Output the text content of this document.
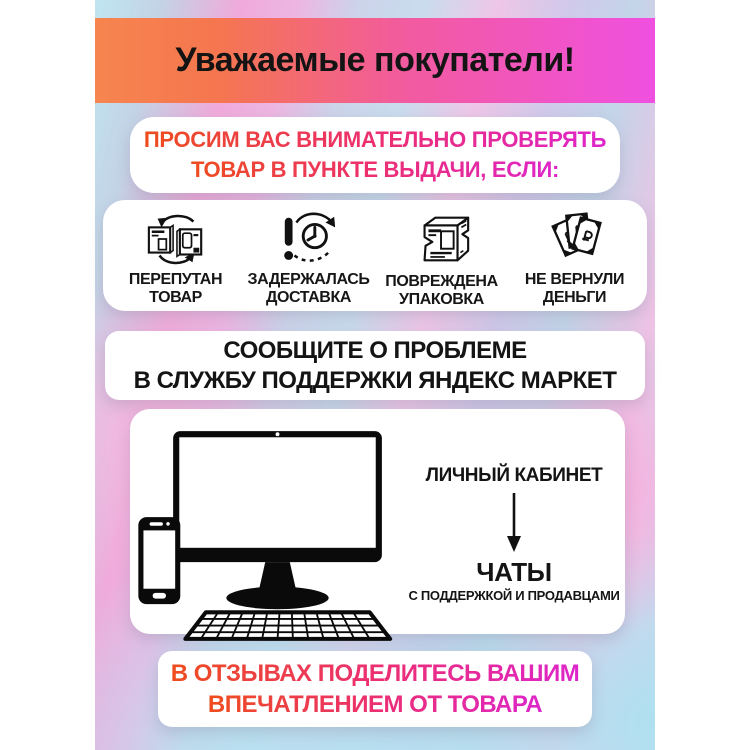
Уважаемые покупатели!
ПРОСИМ ВАС ВНИМАТЕЛЬНО ПРОВЕРЯТЬ
ТОВАР В ПУНКТЕ ВЫДАЧИ, ЕСЛИ:
ПЕРЕПУТАН
ТОВАР
ЗАДЕРЖАЛАСЬ
ДОСТАВКА
ПОВРЕЖДЕНА
УПАКОВКА
НЕ ВЕРНУЛИ
ДЕНЬГИ
СООБЩИТЕ О ПРОБЛЕМЕ
В СЛУЖБУ ПОДДЕРЖКИ ЯНДЕКС МАРКЕТ
ЛИЧНЫЙ КАБИНЕТ
ЧАТЫ
С ПОДДЕРЖКОЙ И ПРОДАВЦАМИ
В ОТЗЫВАХ ПОДЕЛИТЕСЬ ВАШИМ
ВПЕЧАТЛЕНИЕМ ОТ ТОВАРА
